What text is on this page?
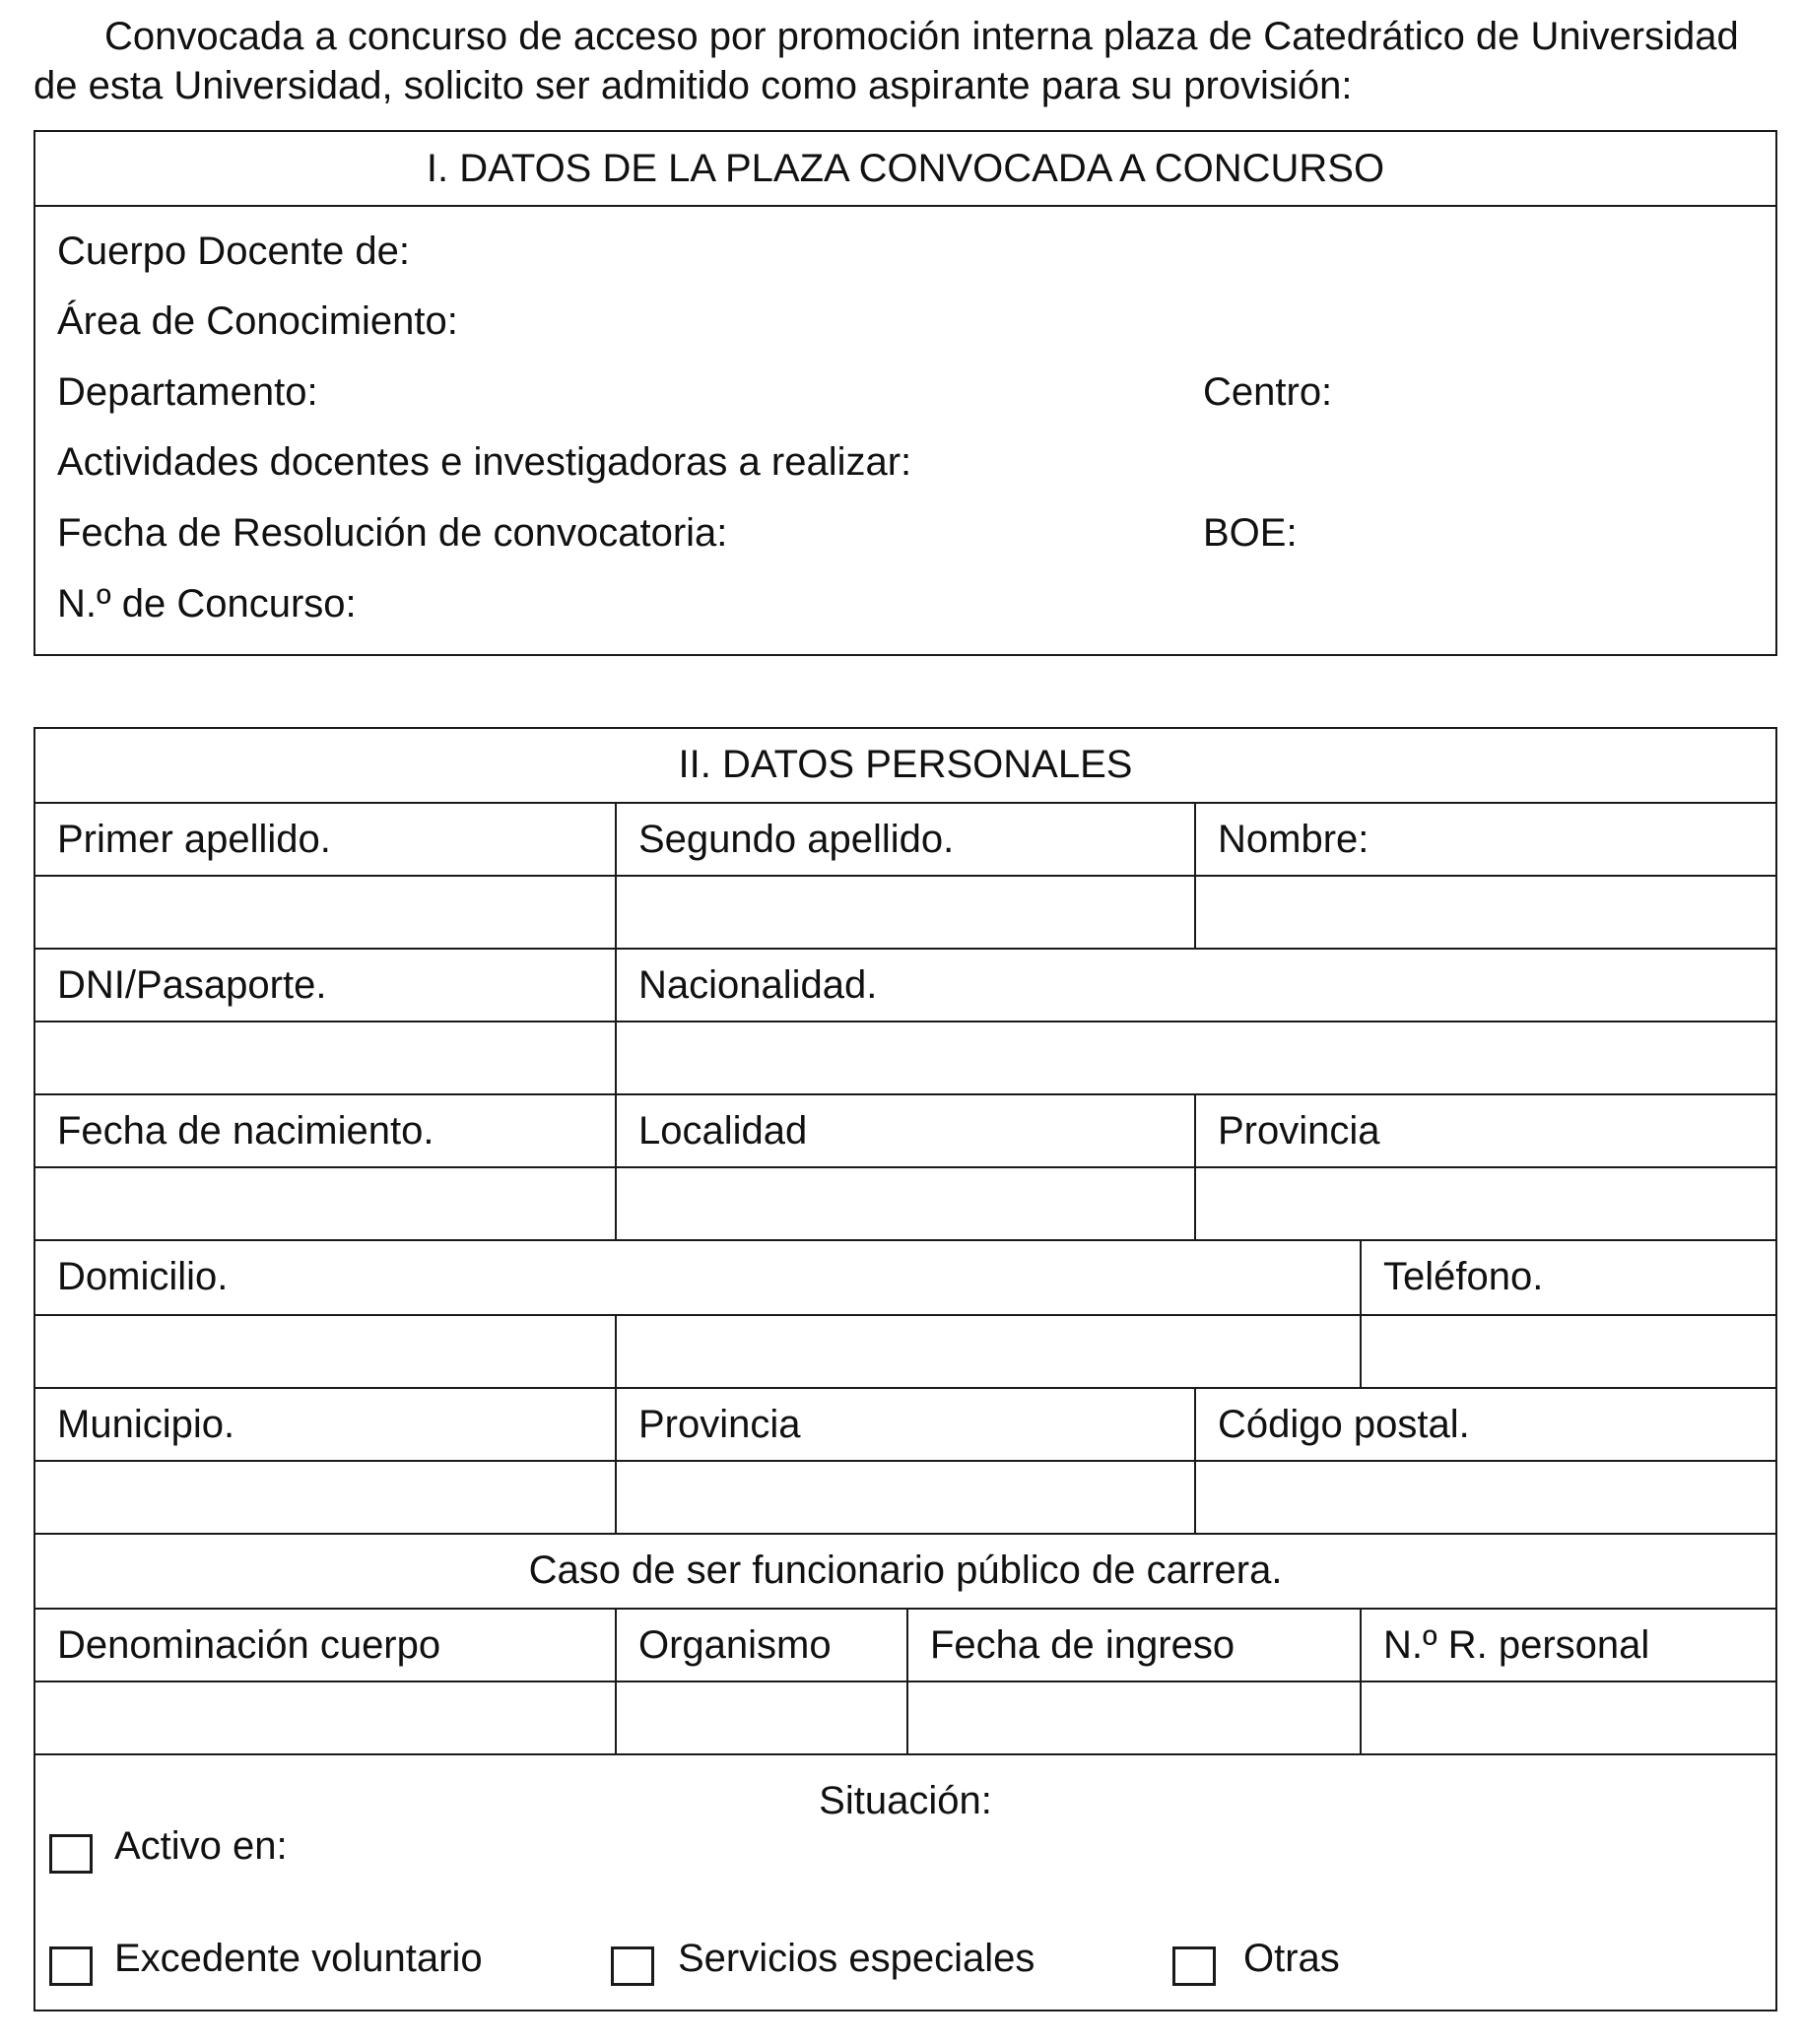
Convocada a concurso de acceso por promoción interna plaza de Catedrático de Universidad de esta Universidad, solicito ser admitido como aspirante para su provisión:
I. DATOS DE LA PLAZA CONVOCADA A CONCURSO
Cuerpo Docente de:
Área de Conocimiento:
Departamento:	Centro:
Actividades docentes e investigadoras a realizar:
Fecha de Resolución de convocatoria:	BOE:
N.º de Concurso:
II. DATOS PERSONALES
Primer apellido.	Segundo apellido.	Nombre:
DNI/Pasaporte.	Nacionalidad.
Fecha de nacimiento.	Localidad	Provincia
Domicilio.	Teléfono.
Municipio.	Provincia	Código postal.
Caso de ser funcionario público de carrera.
Denominación cuerpo	Organismo	Fecha de ingreso	N.º R. personal
Situación:
Activo en:
Excedente voluntario	Servicios especiales	Otras
